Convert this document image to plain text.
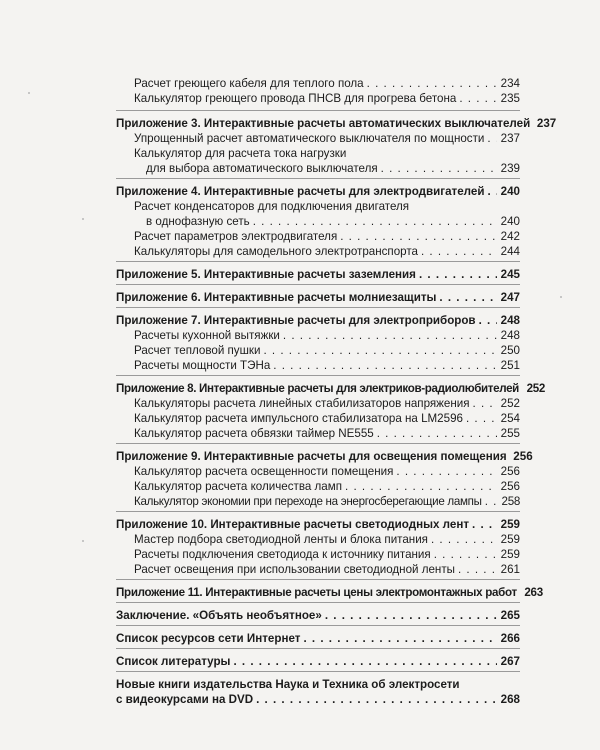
Расчет греющего кабеля для теплого пола . . .	234
Калькулятор греющего провода ПНСВ для прогрева бетона . . .	235
Приложение 3. Интерактивные расчеты автоматических выключателей 237
Упрощенный расчет автоматического выключателя по мощности . . . 237
Калькулятор для расчета тока нагрузки
для выбора автоматического выключателя . . .	239
Приложение 4. Интерактивные расчеты для электродвигателей . . . 240
Расчет конденсаторов для подключения двигателя
в однофазную сеть . . .	240
Расчет параметров электродвигателя . . .	242
Калькуляторы для самодельного электротранспорта . . .	244
Приложение 5. Интерактивные расчеты заземления . . .	245
Приложение 6. Интерактивные расчеты молниезащиты . . .	247
Приложение 7. Интерактивные расчеты для электроприборов . . . 248
Расчеты кухонной вытяжки . . .	248
Расчет тепловой пушки . . .	250
Расчеты мощности ТЭНа . . .	251
Приложение 8. Интерактивные расчеты для электриков-радиолюбителей 252
Калькуляторы расчета линейных стабилизаторов напряжения . . .	252
Калькулятор расчета импульсного стабилизатора на LM2596 . . .	254
Калькулятор расчета обвязки таймер NE555 . . .	255
Приложение 9. Интерактивные расчеты для освещения помещения 256
Калькулятор расчета освещенности помещения . . .	256
Калькулятор расчета количества ламп . . .	256
Калькулятор экономии при переходе на энергосберегающие лампы . . . 258
Приложение 10. Интерактивные расчеты светодиодных лент . . .	259
Мастер подбора светодиодной ленты и блока питания . . .	259
Расчеты подключения светодиода к источнику питания . . .	259
Расчет освещения при использовании светодиодной ленты . . .	261
Приложение 11. Интерактивные расчеты цены электромонтажных работ 263
Заключение. «Объять необъятное» . . .	265
Список ресурсов сети Интернет . . .	266
Список литературы . . .	267
Новые книги издательства Наука и Техника об электросети
с видеокурсами на DVD . . .	268
